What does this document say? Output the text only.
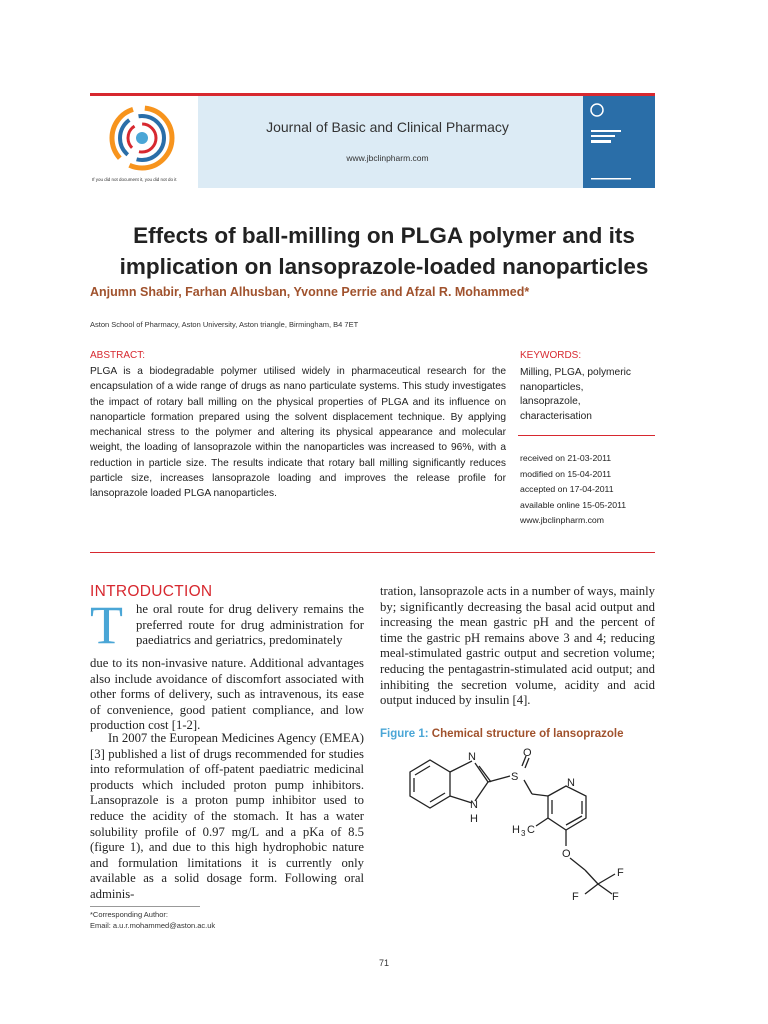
If you did not document it, you did not do it
Journal of Basic and Clinical Pharmacy
www.jbclinpharm.com
Effects of ball-milling on PLGA polymer and its
implication on lansoprazole-loaded nanoparticles
Anjumn Shabir, Farhan Alhusban, Yvonne Perrie and Afzal R. Mohammed*
Aston School of Pharmacy, Aston University, Aston triangle, Birmingham, B4 7ET
ABSTRACT:
PLGA is a biodegradable polymer utilised widely in pharmaceutical research for the encapsulation of a wide range of drugs as nano particulate systems. This study investigates the impact of rotary ball milling on the physical properties of PLGA and its influence on nanoparticle formation prepared using the solvent displacement technique. By applying mechanical stress to the polymer and altering its physical appearance and molecular weight, the loading of lansoprazole within the nanoparticles was increased to 96%, with a reduction in particle size. The results indicate that rotary ball milling significantly reduces particle size, increases lansoprazole loading and improves the release profile for lansoprazole loaded PLGA nanoparticles.
KEYWORDS:
Milling, PLGA, polymeric
nanoparticles,
lansoprazole,
characterisation
received on 21-03-2011
modified on 15-04-2011
accepted on 17-04-2011
available online 15-05-2011
www.jbclinpharm.com
INTRODUCTION
T he oral route for drug delivery remains the preferred route for drug administration for paediatrics and geriatrics, predominately

due to its non-invasive nature. Additional advantages also include avoidance of discomfort associated with other forms of delivery, such as intravenous, its ease of convenience, good patient compliance, and low production cost [1-2].

In 2007 the European Medicines Agency (EMEA) [3] published a list of drugs recommended for studies into reformulation of off-patent paediatric medicinal products which included proton pump inhibitors. Lansoprazole is a proton pump inhibitor used to reduce the acidity of the stomach. It has a water solubility profile of 0.97 mg/L and a pKa of 8.5 (figure 1), and due to this high hydrophobic nature and formulation limitations it is currently only available as a solid dosage form. Following oral adminis-

tration, lansoprazole acts in a number of ways, mainly by; significantly decreasing the basal acid output and increasing the mean gastric pH and the percent of time the gastric pH remains above 3 and 4; reducing meal-stimulated gastric output and secretion volume; reducing the pentagastrin-stimulated acid output; and inhibiting the secretion volume, acidity and acid output induced by insulin [4].

Figure 1: Chemical structure of lansoprazole
N
N
H
S
O
N
H 3 C
O
F
F	F
*Corresponding Author:
Email: a.u.r.mohammed@aston.ac.uk
71
